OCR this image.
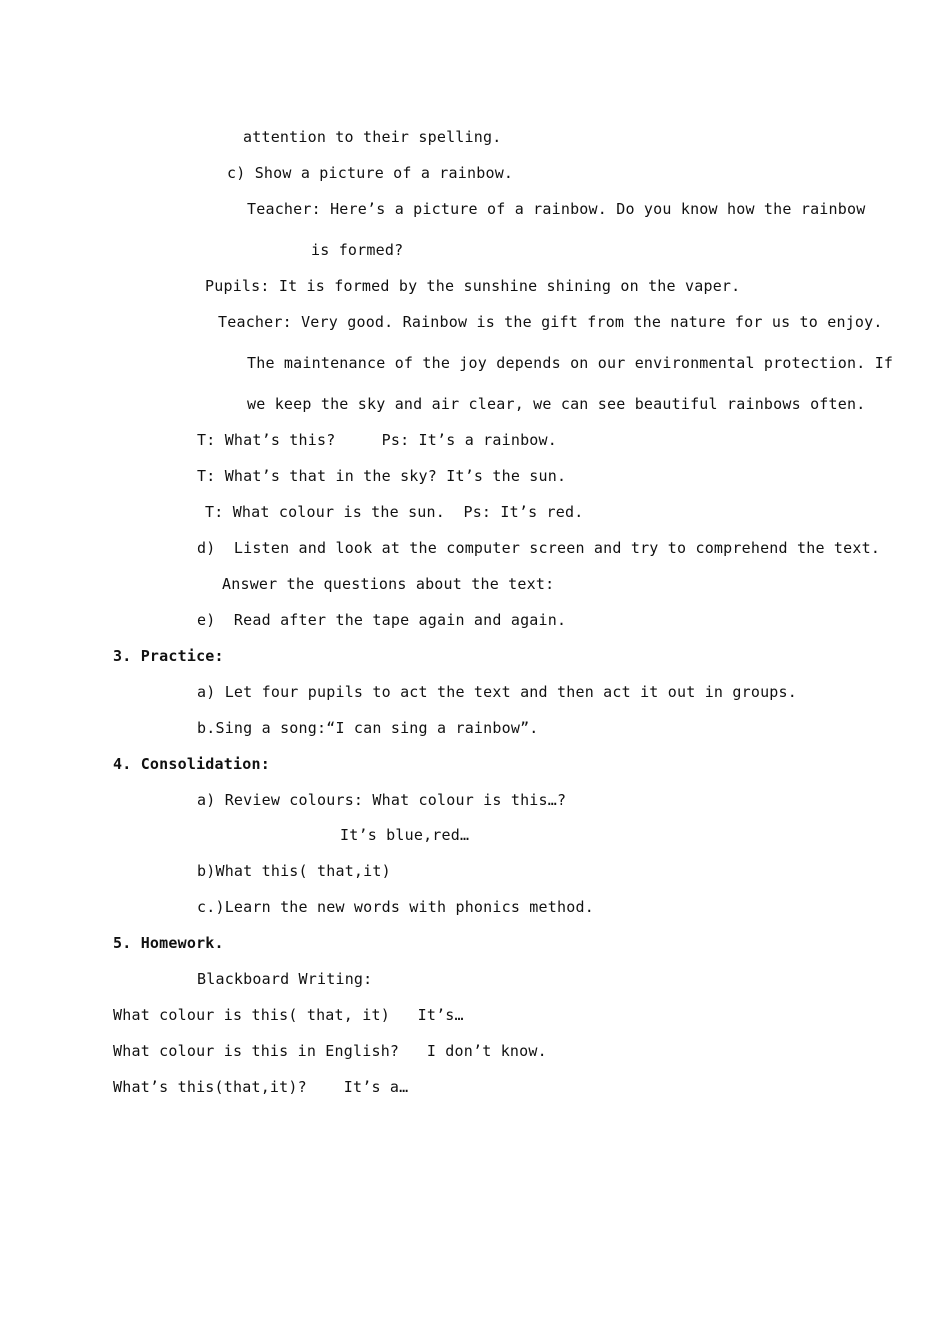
attention to their spelling.
c) Show a picture of a rainbow.
Teacher: Here’s a picture of a rainbow. Do you know how the rainbow
is formed?
Pupils: It is formed by the sunshine shining on the vaper.
Teacher: Very good. Rainbow is the gift from the nature for us to enjoy.
The maintenance of the joy depends on our environmental protection. If
we keep the sky and air clear, we can see beautiful rainbows often.
T: What’s this?     Ps: It’s a rainbow.
T: What’s that in the sky? It’s the sun.
T: What colour is the sun.  Ps: It’s red.
d)  Listen and look at the computer screen and try to comprehend the text.
Answer the questions about the text:
e)  Read after the tape again and again.
3. Practice:
a) Let four pupils to act the text and then act it out in groups.
b.Sing a song:“I can sing a rainbow”.
4. Consolidation:
a) Review colours: What colour is this…?
It’s blue,red…
b)What this( that,it)
c.)Learn the new words with phonics method.
5. Homework.
Blackboard Writing:
What colour is this( that, it)   It’s…
What colour is this in English?   I don’t know.
What’s this(that,it)?    It’s a…
